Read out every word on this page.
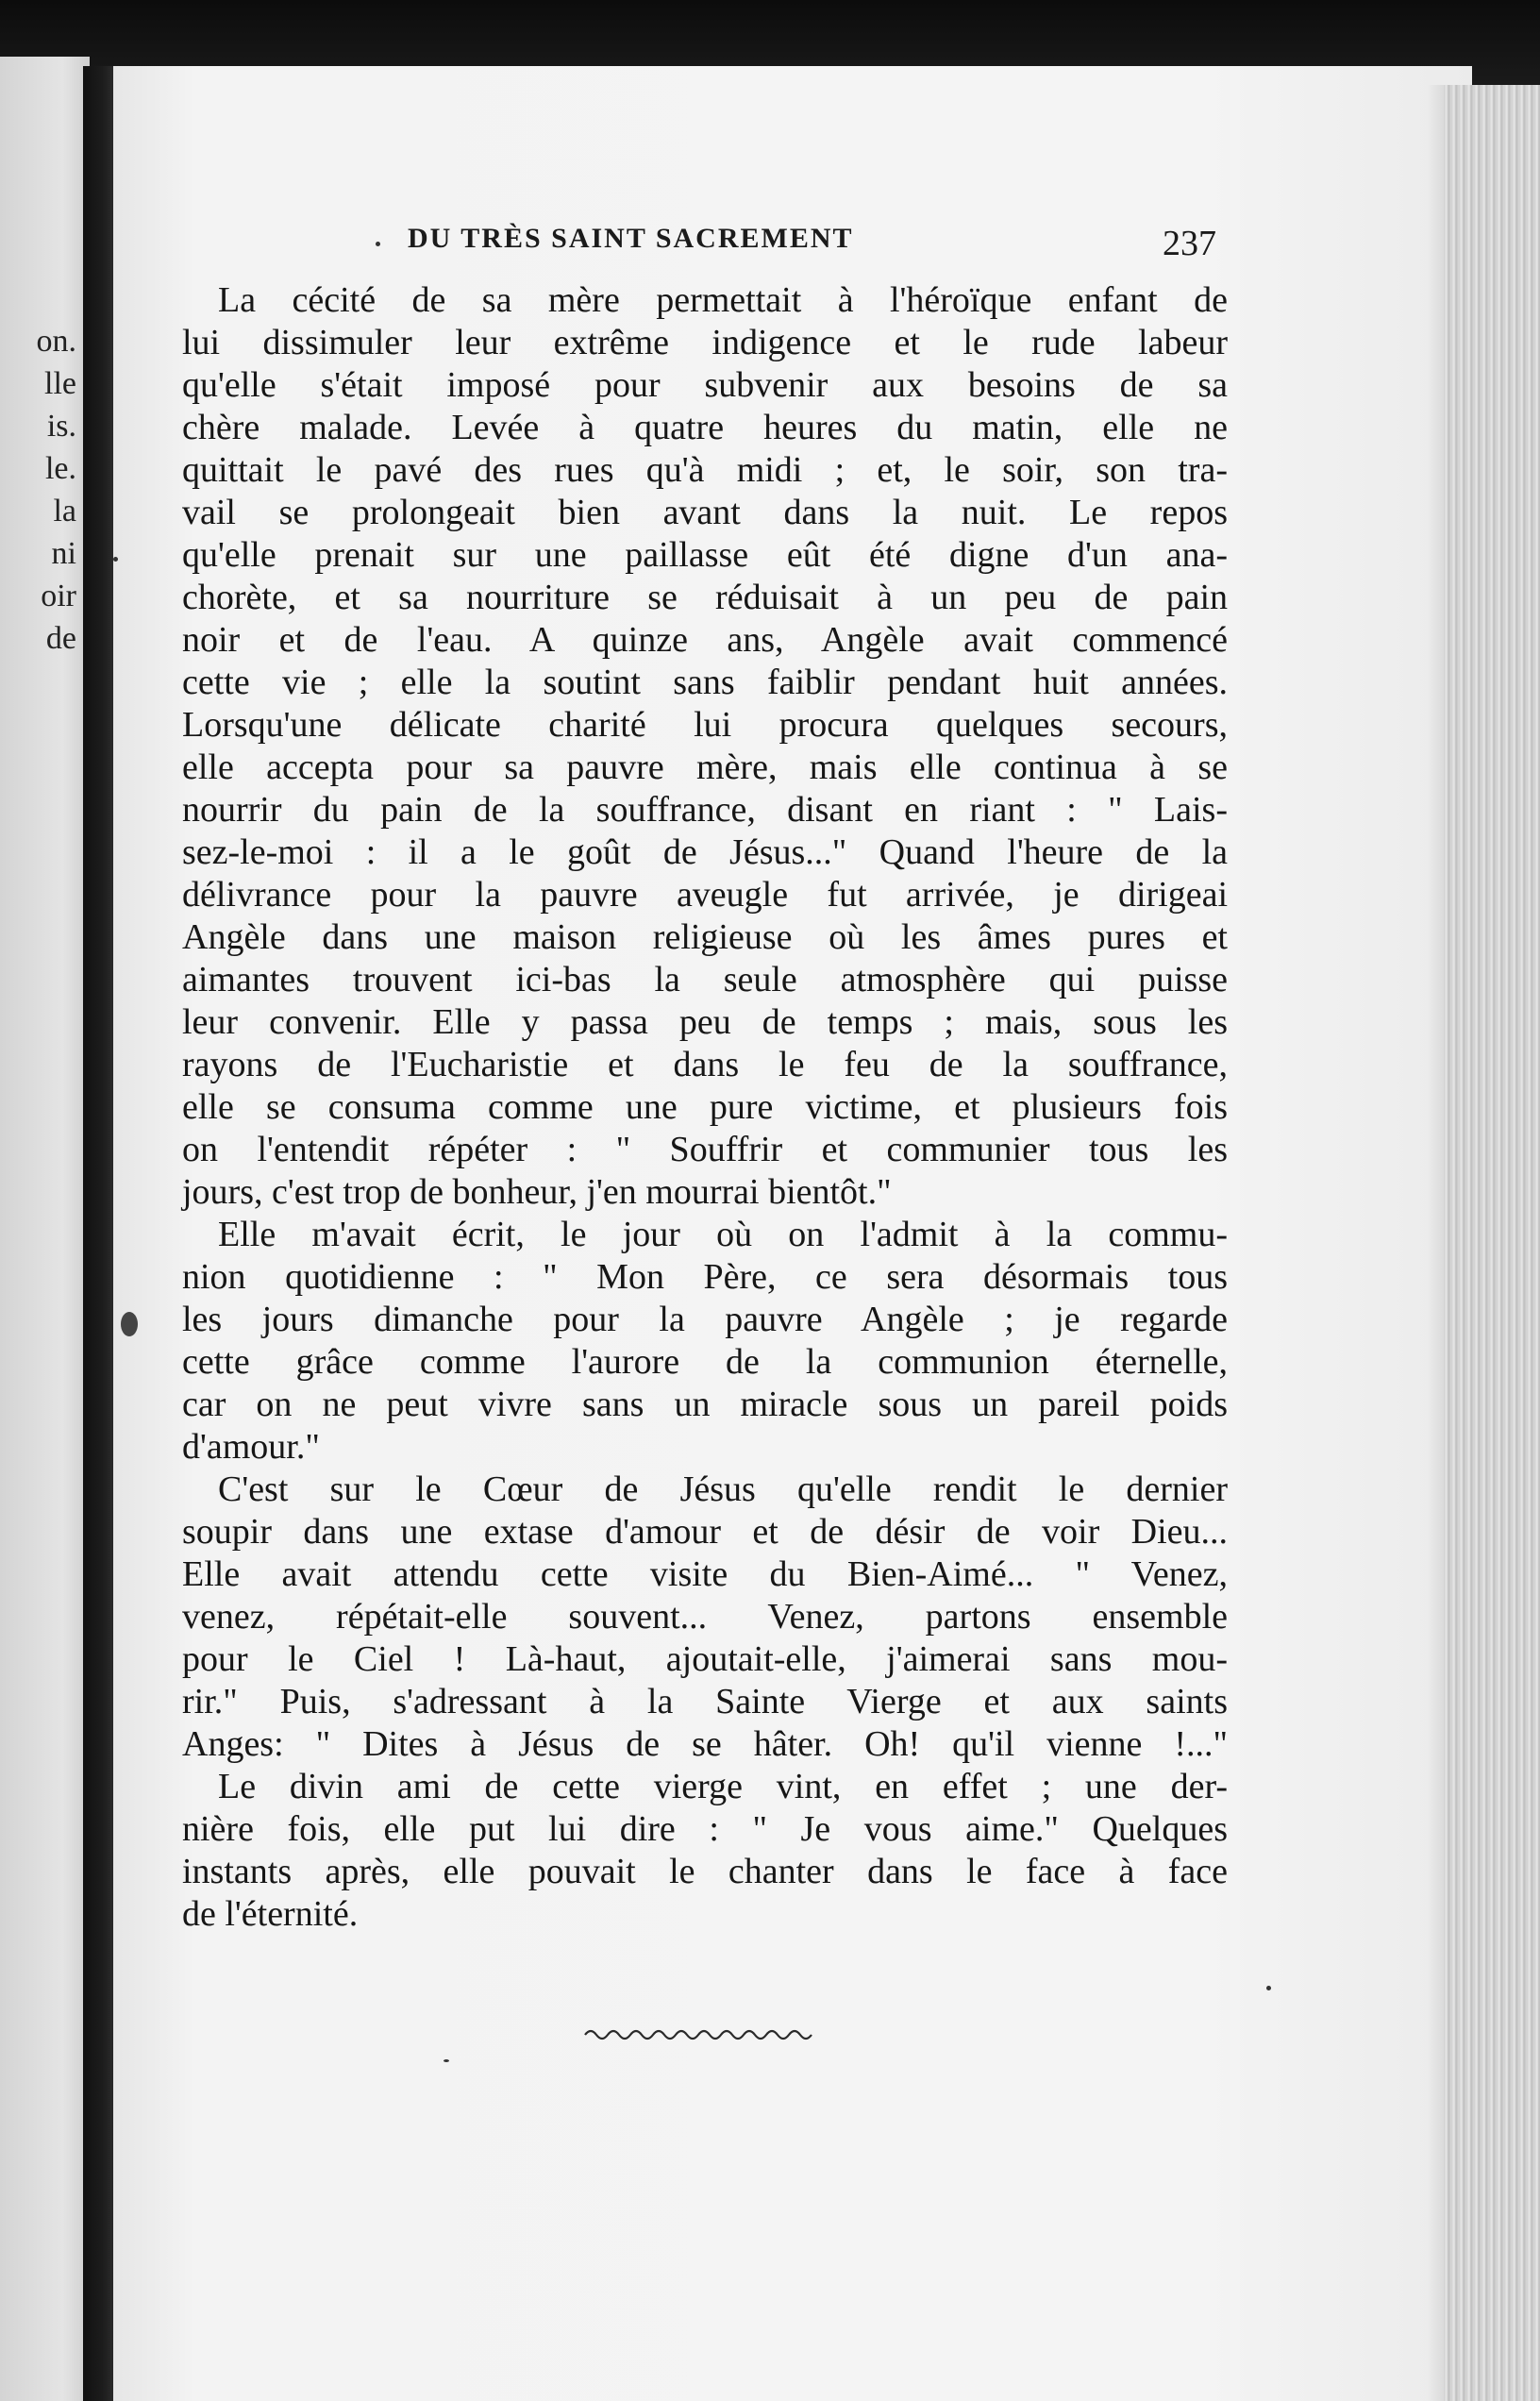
on.
lle
is.
le.
la
ni
oir
de
DU TRÈS SAINT SACREMENT	237
La cécité de sa mère permettait à l'héroïque enfant de
lui dissimuler leur extrême indigence et le rude labeur
qu'elle s'était imposé pour subvenir aux besoins de sa
chère malade. Levée à quatre heures du matin, elle ne
quittait le pavé des rues qu'à midi ; et, le soir, son tra-
vail se prolongeait bien avant dans la nuit. Le repos
qu'elle prenait sur une paillasse eût été digne d'un ana-
chorète, et sa nourriture se réduisait à un peu de pain
noir et de l'eau. A quinze ans, Angèle avait commencé
cette vie ; elle la soutint sans faiblir pendant huit années.
Lorsqu'une délicate charité lui procura quelques secours,
elle accepta pour sa pauvre mère, mais elle continua à se
nourrir du pain de la souffrance, disant en riant : " Lais-
sez-le-moi : il a le goût de Jésus..." Quand l'heure de la
délivrance pour la pauvre aveugle fut arrivée, je dirigeai
Angèle dans une maison religieuse où les âmes pures et
aimantes trouvent ici-bas la seule atmosphère qui puisse
leur convenir. Elle y passa peu de temps ; mais, sous les
rayons de l'Eucharistie et dans le feu de la souffrance,
elle se consuma comme une pure victime, et plusieurs fois
on l'entendit répéter : " Souffrir et communier tous les
jours, c'est trop de bonheur, j'en mourrai bientôt."
Elle m'avait écrit, le jour où on l'admit à la commu-
nion quotidienne : " Mon Père, ce sera désormais tous
les jours dimanche pour la pauvre Angèle ; je regarde
cette grâce comme l'aurore de la communion éternelle,
car on ne peut vivre sans un miracle sous un pareil poids
d'amour."
C'est sur le Cœur de Jésus qu'elle rendit le dernier
soupir dans une extase d'amour et de désir de voir Dieu...
Elle avait attendu cette visite du Bien-Aimé... " Venez,
venez, répétait-elle souvent... Venez, partons ensemble
pour le Ciel ! Là-haut, ajoutait-elle, j'aimerai sans mou-
rir." Puis, s'adressant à la Sainte Vierge et aux saints
Anges: " Dites à Jésus de se hâter. Oh! qu'il vienne !..."
Le divin ami de cette vierge vint, en effet ; une der-
nière fois, elle put lui dire : " Je vous aime." Quelques
instants après, elle pouvait le chanter dans le face à face
de l'éternité.
